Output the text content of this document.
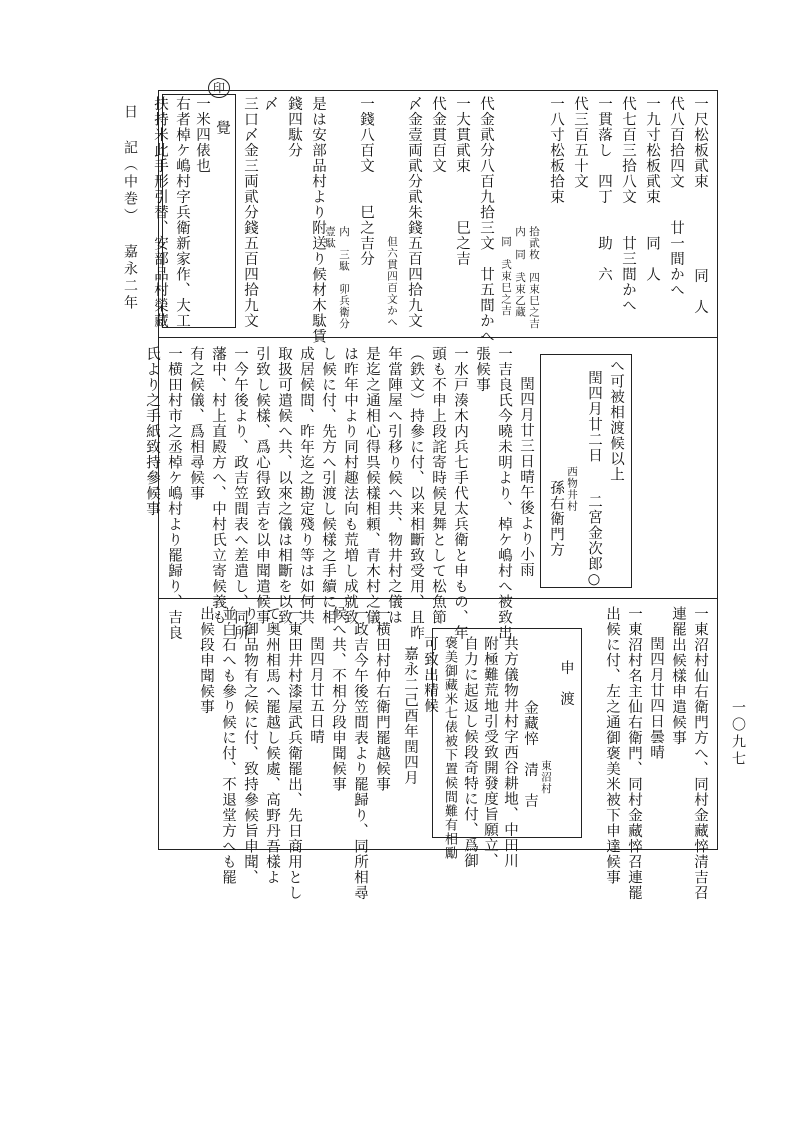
日 記（中巻） 嘉永二年
一〇九七
印
一尺松板貮束
同　人
代八百拾四文　　廿一間かへ
一九寸松板貮束　　同　人
代七百三拾八文　　廿三間かへ
一貫落し　四丁　　助　六
代三百五十文
一八寸松板拾束
拾貮枚　四束巳之吉
内　同　弐束乙蔵
同　弐束巳之吉
代金貮分八百九拾三文　廿五間かへ
一大貫貮束　　　巳之吉
代金貫百文
〆金壹両貮分貮朱錢五百四拾九文
但六貫四百文かへ
一錢八百文　　巳之吉分
内　三駄　卯兵衛分
壹駄
是は安部品村より附送り候材木駄賃
錢四駄分
〆
三口〆金三両貮分錢五百四拾九文
覺
一米四俵也
右者棹ケ嶋村字兵衛新家作、大工
扶持米此手形引替、安部品村榮藏
へ可被相渡候以上
閏四月廿二日　　二宮金次郎○
西物井村
孫右衛門方
閏四月廿三日晴午後より小雨
一吉良氏今曉未明より、棹ケ嶋村へ被致出
張候事
一水戸湊木内兵七手代太兵衛と申もの、年
頭も不申上段詫寄時候見舞として松魚節
（鉄文）持參に付、以来相斷致受用、且昨
年當陣屋へ引移り候へ共、物井村之儀は
是迄之通相心得呉候樣相頼、青木村之儀
は昨年中より同村趣法向も荒増し成就致
し候に付、先方へ引渡し候樣之手續に相
成居候間、昨年迄之勘定殘り等は如何共
取扱可遣候へ共、以來之儀は相斷を以致
引致し候樣、爲心得致吉を以申聞遣候事
一今午後より、政吉笠間表へ差遣し、同所
藩中、村上直殿方へ、中村氏立寄候義も
有之候儀、爲相尋候事
一横田村市之丞棹ケ嶋村より罷歸り、吉良
氏より之手紙致持參候事
一東沼村仙右衛門方へ、同村金藏悴清吉召
連罷出候樣申遣候事
閏四月廿四日曇晴
一東沼村名主仙右衛門、同村金藏悴召連罷
出候に付、左之通御褒美米被下申達候事
申　渡
東沼村
金藏悴　清　吉
共方儀物井村字西谷耕地、中田川
附極難荒地引受致開發度旨願立、
自力に起返し候段奇特に付、爲御
褒美御藏米七俵被下置候間難有相勵
可致出精候
嘉永二己酉年閏四月
一横田村仲右衛門罷越候事
一政吉今午後笠間表より罷歸り、同所相尋
候へ共、不相分段申聞候事
閏四月廿五日晴
一東田井村漆屋武兵衛罷出、先日商用とし
て奥州相馬へ罷越し候處、高野丹吾樣よ
り御品物有之候に付、致持參候旨申聞、
並白石へも參り候に付、不退堂方へも罷
出候段申聞候事
